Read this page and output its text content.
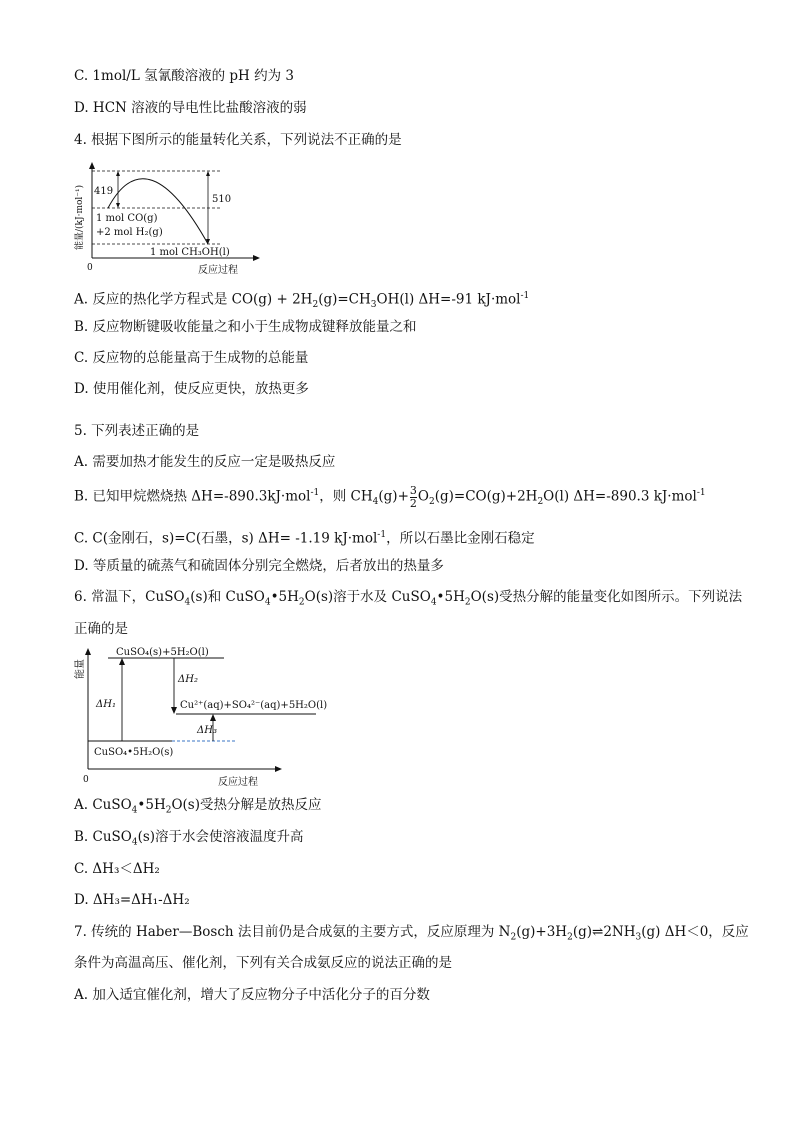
C. 1mol/L 氢氰酸溶液的 pH 约为 3
D. HCN 溶液的导电性比盐酸溶液的弱
4. 根据下图所示的能量转化关系，下列说法不正确的是
419
510
1 mol CO(g)
+2 mol H₂(g)
1 mol CH₃OH(l)
0	反应过程
能量/(kJ·mol⁻¹)
A. 反应的热化学方程式是 $CO(g) + 2H_2(g)=CH_3OH(l)$ ΔH=-91 kJ·mol$^{-1}$
B. 反应物断键吸收能量之和小于生成物成键释放能量之和
C. 反应物的总能量高于生成物的总能量
D. 使用催化剂，使反应更快，放热更多
5. 下列表述正确的是
A. 需要加热才能发生的反应一定是吸热反应
B. 已知甲烷燃烧热 ΔH=-890.3kJ·mol$^{-1}$，则 $CH_4(g)+ \frac{3}{2} O_2(g)=CO(g)+2H_2O(l)$ ΔH=-890.3 kJ·mol$^{-1}$
C. C(金刚石，s)=C(石墨，s) ΔH= -1.19 kJ·mol$^{-1}$，所以石墨比金刚石稳定
D. 等质量的硫蒸气和硫固体分别完全燃烧，后者放出的热量多
6. 常温下，CuSO$_4$(s)和 $CuSO_4•5H_2O(s)$溶于水及 $CuSO_4•5H_2O(s)$受热分解的能量变化如图所示。下列说法
正确的是
CuSO₄(s)+5H₂O(l)
ΔH₂
Cu²⁺(aq)+SO₄²⁻(aq)+5H₂O(l)
ΔH₁
ΔH₃
CuSO₄•5H₂O(s)
0	反应过程
能量
A. $CuSO_4•5H_2O(s)$受热分解是放热反应
B. CuSO$_4$(s)溶于水会使溶液温度升高
C. ΔH₃＜ΔH₂
D. ΔH₃=ΔH₁-ΔH₂
7. 传统的 Haber—Bosch 法目前仍是合成氨的主要方式，反应原理为 $N_2(g)+3H_2(g)\rightleftharpoons 2NH_3(g)$ ΔH＜0，反应
条件为高温高压、催化剂，下列有关合成氨反应的说法正确的是
A. 加入适宜催化剂，增大了反应物分子中活化分子的百分数
